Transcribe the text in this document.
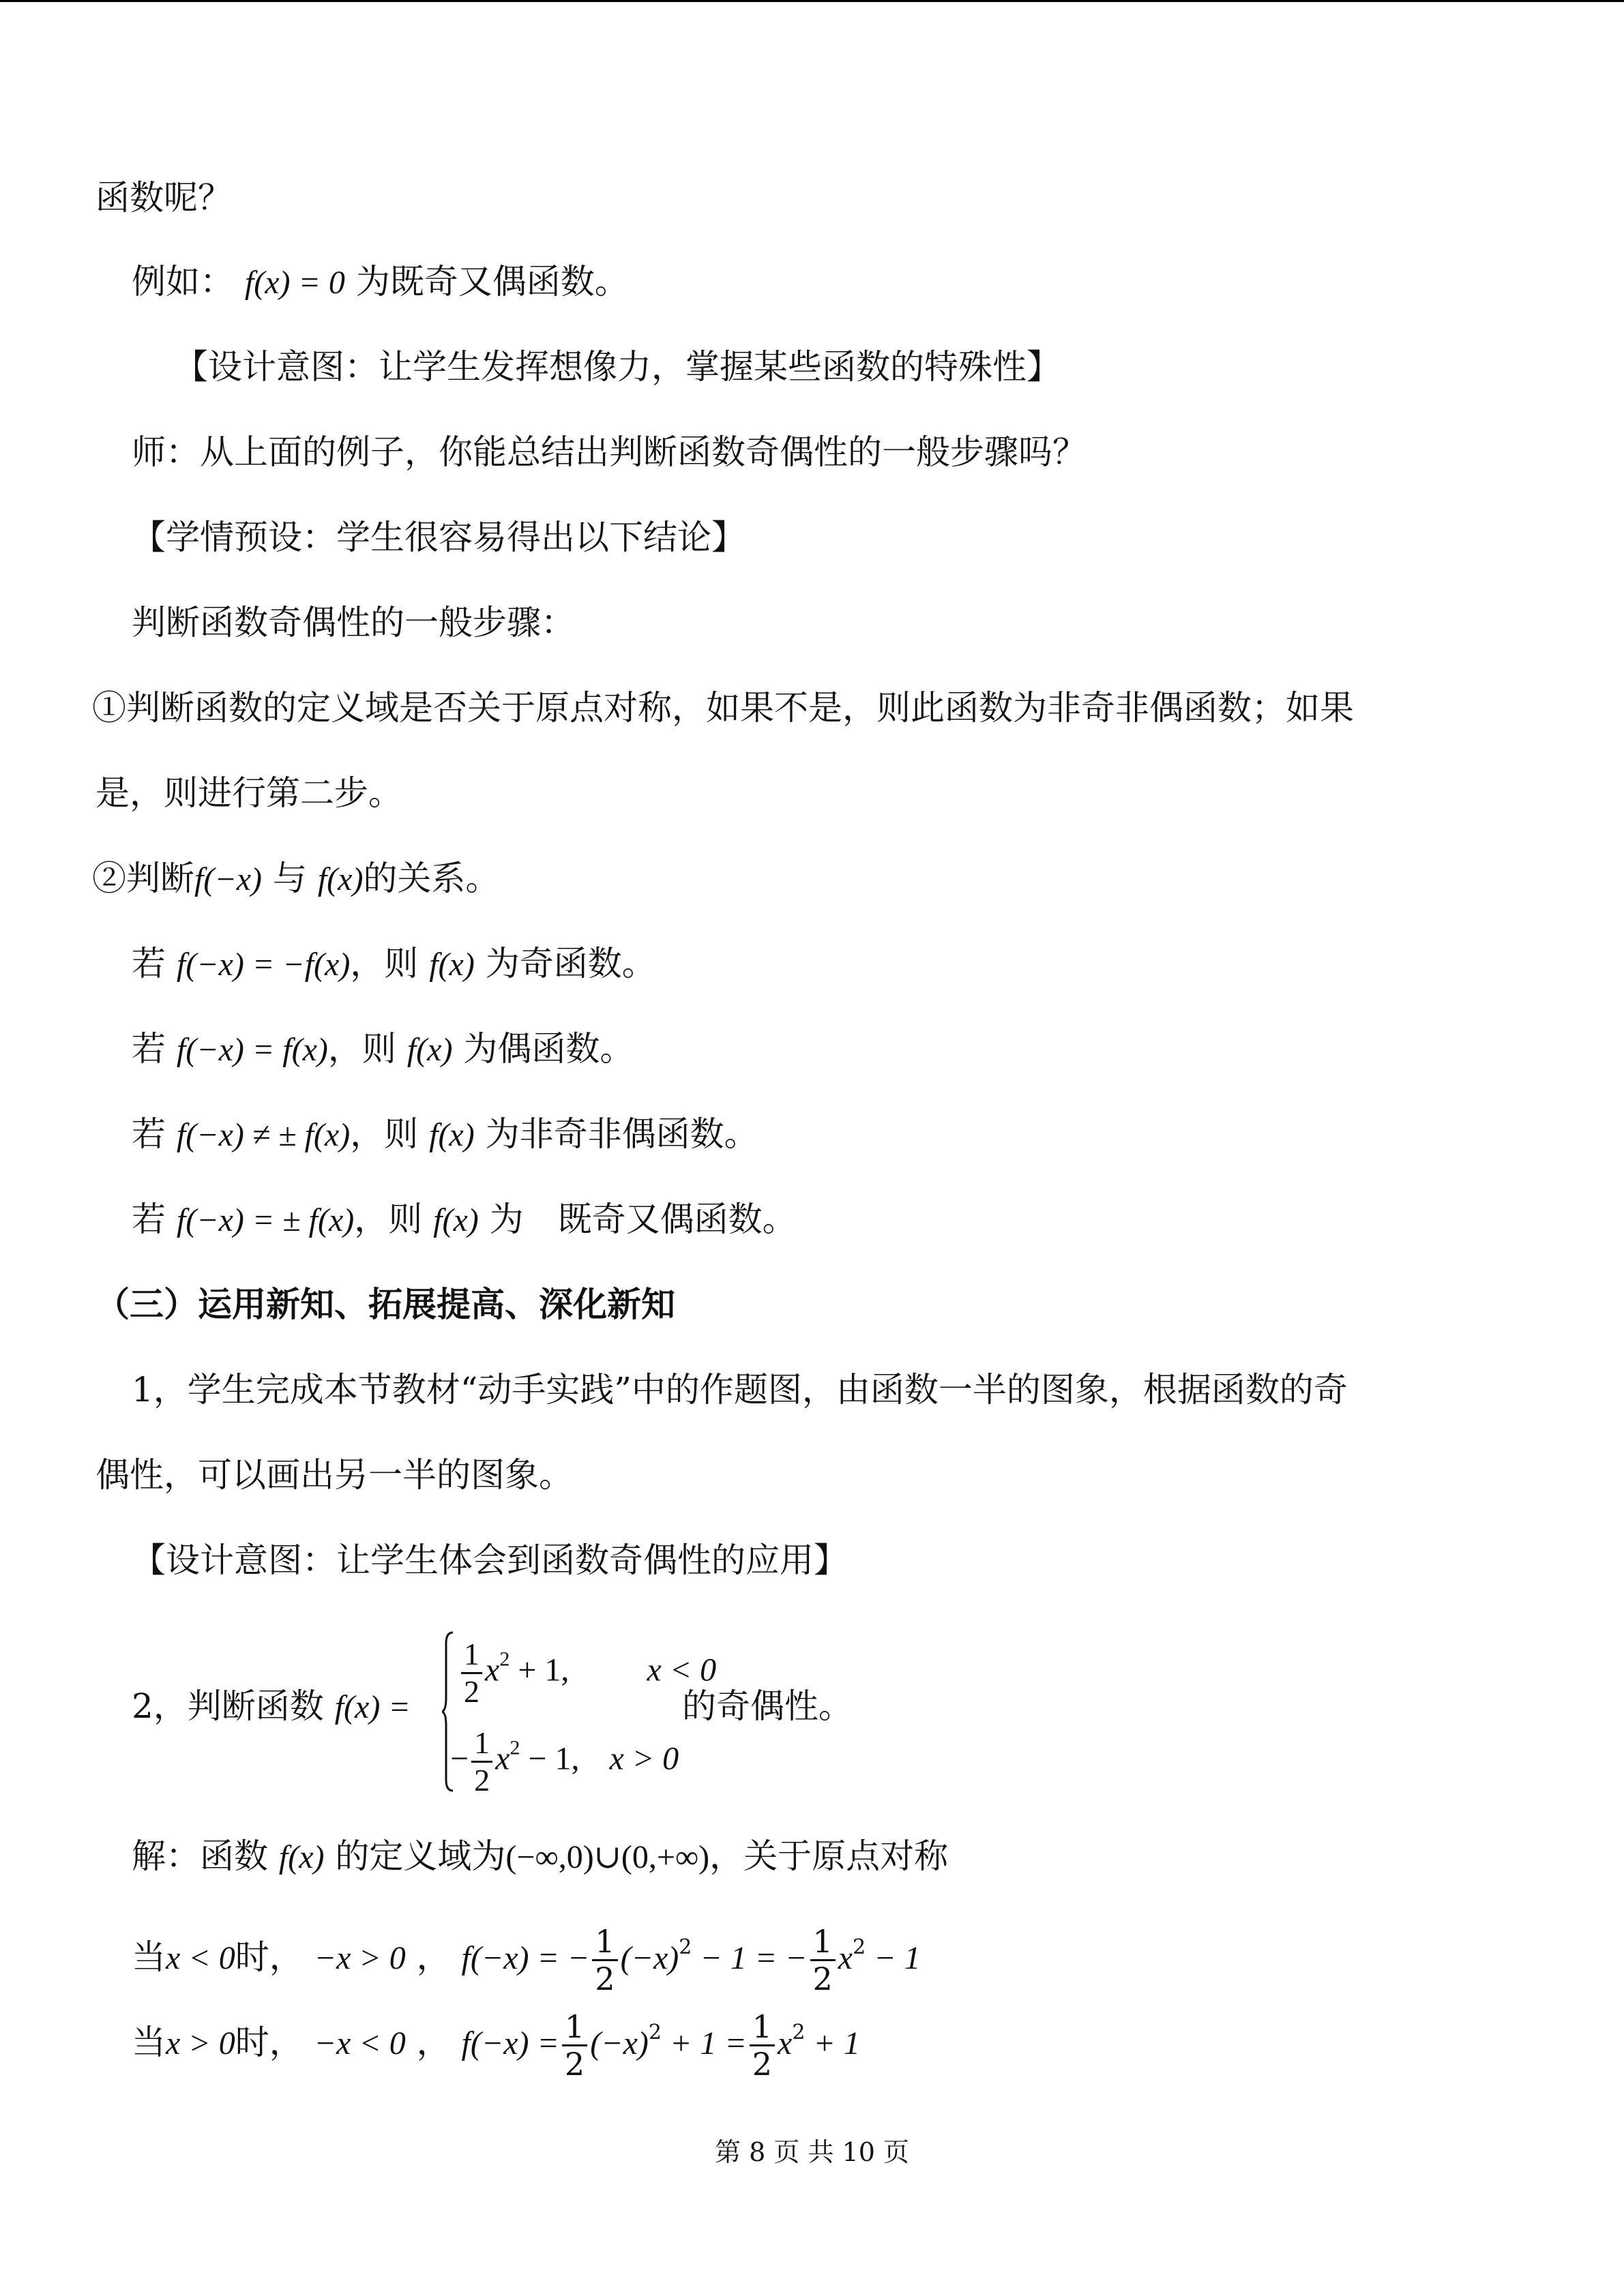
函数呢？
例如： f(x) = 0 为既奇又偶函数。
【设计意图：让学生发挥想像力，掌握某些函数的特殊性】
师：从上面的例子，你能总结出判断函数奇偶性的一般步骤吗？
【学情预设：学生很容易得出以下结论】
判断函数奇偶性的一般步骤：
①判断函数的定义域是否关于原点对称，如果不是，则此函数为非奇非偶函数；如果
是，则进行第二步。
②判断f(−x) 与 f(x)的关系。
若 f(−x) = −f(x)，则 f(x) 为奇函数。
若 f(−x) = f(x)，则 f(x) 为偶函数。
若 f(−x) ≠ ± f(x)，则 f(x) 为非奇非偶函数。
若 f(−x) = ± f(x)，则 f(x) 为　既奇又偶函数。
（三）运用新知、拓展提高、深化新知
1，学生完成本节教材“动手实践”中的作题图，由函数一半的图象，根据函数的奇
偶性，可以画出另一半的图象。
【设计意图：让学生体会到函数奇偶性的应用】
2，判断函数 f(x) =	的奇偶性。
$\frac{1}{2} x^2 + 1$, x < 0
− $\frac{1}{2} x^2 - 1$, x > 0
解：函数 f(x) 的定义域为(−∞,0)∪(0,+∞)，关于原点对称
当x < 0时， −x > 0 ， f(−x) = − $\frac{1}{2} (-x)^2 - 1$ = − $\frac{1}{2} x^2 - 1$
当x > 0时， −x < 0 ， $f(-x) = \frac{1}{2} (-x)^2 + 1 = \frac{1}{2} x^2 + 1$
第 8 页 共 10 页
